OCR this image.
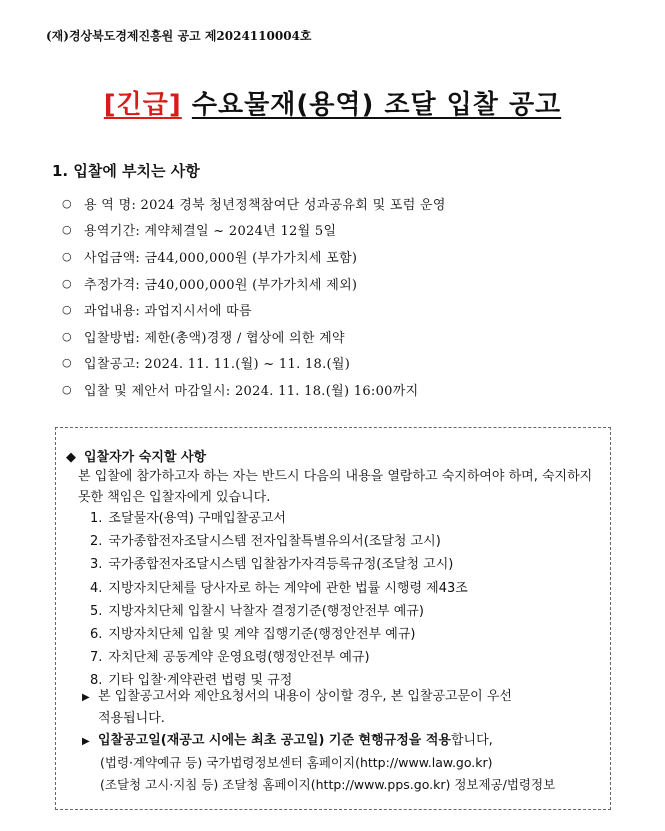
(재)경상북도경제진흥원 공고 제2024110004호
[긴급] 수요물재(용역) 조달 입찰 공고
1. 입찰에 부치는 사항
○ 용 역 명: 2024 경북 청년정책참여단 성과공유회 및 포럼 운영
○ 용역기간: 계약체결일 ~ 2024년 12월 5일
○ 사업금액: 금44,000,000원 (부가가치세 포함)
○ 추정가격: 금40,000,000원 (부가가치세 제외)
○ 과업내용: 과업지시서에 따름
○ 입찰방법: 제한(총액)경쟁 / 협상에 의한 계약
○ 입찰공고: 2024. 11. 11.(월) ~ 11. 18.(월)
○ 입찰 및 제안서 마감일시: 2024. 11. 18.(월) 16:00까지
◆ 입찰자가 숙지할 사항
본 입찰에 참가하고자 하는 자는 반드시 다음의 내용을 열람하고 숙지하여야 하며, 숙지하지 못한 책임은 입찰자에게 있습니다.
1. 조달물자(용역) 구매입찰공고서
2. 국가종합전자조달시스템 전자입찰특별유의서(조달청 고시)
3. 국가종합전자조달시스템 입찰참가자격등록규정(조달청 고시)
4. 지방자치단체를 당사자로 하는 계약에 관한 법률 시행령 제43조
5. 지방자치단체 입찰시 낙찰자 결정기준(행정안전부 예규)
6. 지방자치단체 입찰 및 계약 집행기준(행정안전부 예규)
7. 자치단체 공동계약 운영요령(행정안전부 예규)
8. 기타 입찰·계약관련 법령 및 규정
▶ 본 입찰공고서와 제안요청서의 내용이 상이할 경우, 본 입찰공고문이 우선
적용됩니다.
▶ 입찰공고일(재공고 시에는 최초 공고일) 기준 현행규정을 적용합니다,
(법령·계약예규 등) 국가법령정보센터 홈페이지(http://www.law.go.kr)
(조달청 고시·지침 등) 조달청 홈페이지(http://www.pps.go.kr) 정보제공/법령정보
